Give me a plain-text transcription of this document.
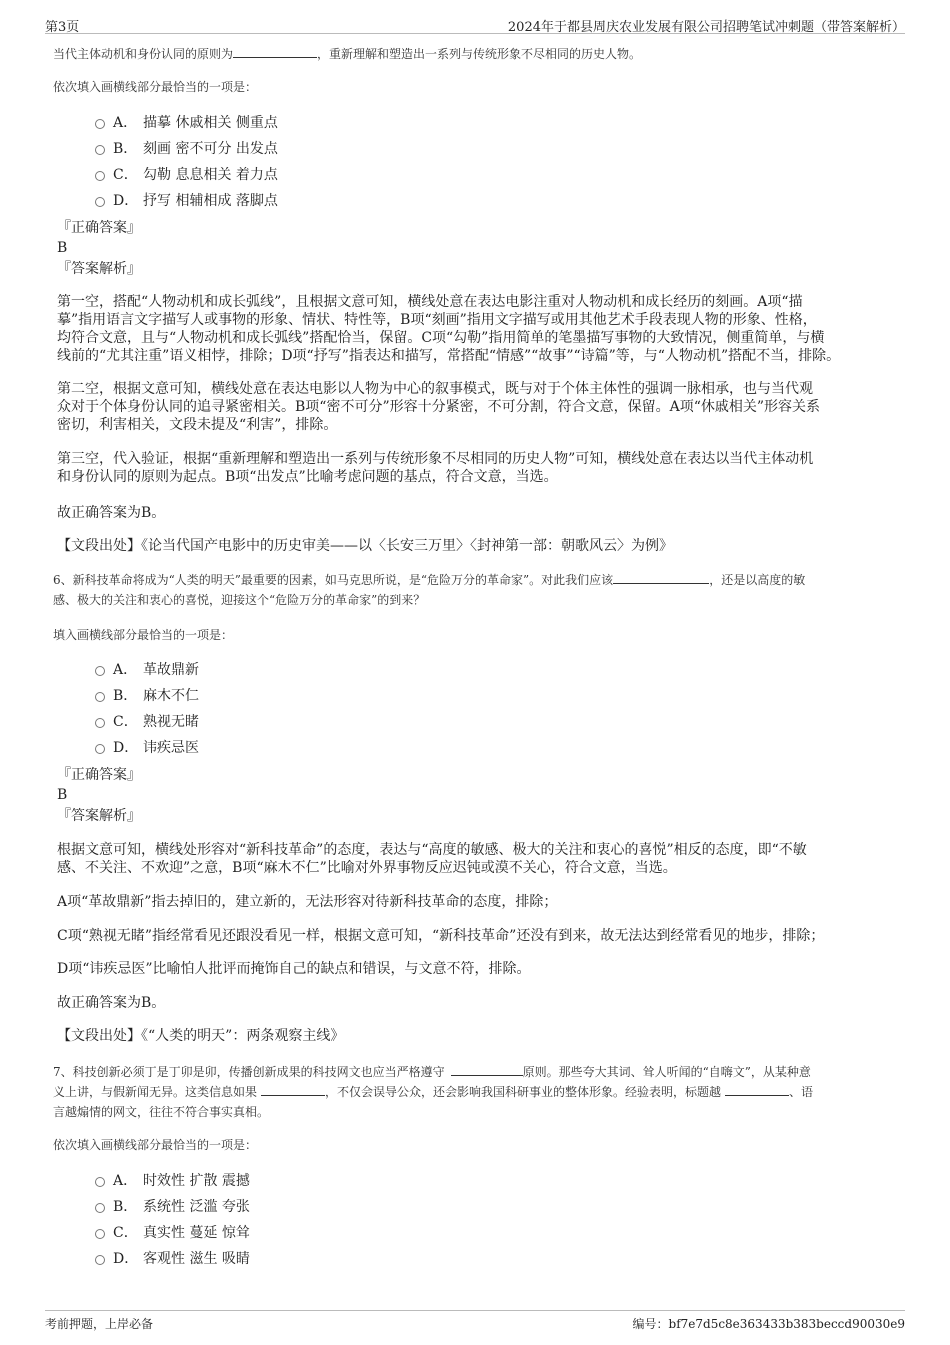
第3页	2024年于都县周庆农业发展有限公司招聘笔试冲刺题（带答案解析）
当代主体动机和身份认同的原则为	，重新理解和塑造出一系列与传统形象不尽相同的历史人物。
依次填入画横线部分最恰当的一项是：
A． 描摹 休戚相关 侧重点
B． 刻画 密不可分 出发点
C． 勾勒 息息相关 着力点
D． 抒写 相辅相成 落脚点
『正确答案』
B
『答案解析』
第一空，搭配“人物动机和成长弧线”，且根据文意可知，横线处意在表达电影注重对人物动机和成长经历的刻画。A项“描
摹”指用语言文字描写人或事物的形象、情状、特性等，B项“刻画”指用文字描写或用其他艺术手段表现人物的形象、性格，
均符合文意，且与“人物动机和成长弧线”搭配恰当，保留。C项“勾勒”指用简单的笔墨描写事物的大致情况，侧重简单，与横
线前的“尤其注重”语义相悖，排除；D项“抒写”指表达和描写，常搭配“情感”“故事”“诗篇”等，与“人物动机”搭配不当，排除。
第二空，根据文意可知，横线处意在表达电影以人物为中心的叙事模式，既与对于个体主体性的强调一脉相承，也与当代观
众对于个体身份认同的追寻紧密相关。B项“密不可分”形容十分紧密，不可分割，符合文意，保留。A项“休戚相关”形容关系
密切，利害相关，文段未提及“利害”，排除。
第三空，代入验证，根据“重新理解和塑造出一系列与传统形象不尽相同的历史人物”可知，横线处意在表达以当代主体动机
和身份认同的原则为起点。B项“出发点”比喻考虑问题的基点，符合文意，当选。
故正确答案为B。
【文段出处】《论当代国产电影中的历史审美——以〈长安三万里〉〈封神第一部：朝歌风云〉为例》
6、新科技革命将成为“人类的明天”最重要的因素，如马克思所说，是“危险万分的革命家”。对此我们应该	，还是以高度的敏
感、极大的关注和衷心的喜悦，迎接这个“危险万分的革命家”的到来？
填入画横线部分最恰当的一项是：
A． 革故鼎新
B． 麻木不仁
C． 熟视无睹
D． 讳疾忌医
『正确答案』
B
『答案解析』
根据文意可知，横线处形容对“新科技革命”的态度，表达与“高度的敏感、极大的关注和衷心的喜悦”相反的态度，即“不敏
感、不关注、不欢迎”之意，B项“麻木不仁”比喻对外界事物反应迟钝或漠不关心，符合文意，当选。
A项“革故鼎新”指去掉旧的，建立新的，无法形容对待新科技革命的态度，排除；
C项“熟视无睹”指经常看见还跟没看见一样，根据文意可知，“新科技革命”还没有到来，故无法达到经常看见的地步，排除；
D项“讳疾忌医”比喻怕人批评而掩饰自己的缺点和错误，与文意不符，排除。
故正确答案为B。
【文段出处】《“人类的明天”：两条观察主线》
7、科技创新必须丁是丁卯是卯，传播创新成果的科技网文也应当严格遵守	原则。那些夸大其词、耸人听闻的“自嗨文”，从某种意
义上讲，与假新闻无异。这类信息如果	，不仅会误导公众，还会影响我国科研事业的整体形象。经验表明，标题越	、语
言越煽情的网文，往往不符合事实真相。
依次填入画横线部分最恰当的一项是：
A． 时效性 扩散 震撼
B． 系统性 泛滥 夸张
C． 真实性 蔓延 惊耸
D． 客观性 滋生 吸睛
考前押题，上岸必备	编号：bf7e7d5c8e363433b383beccd90030e9
